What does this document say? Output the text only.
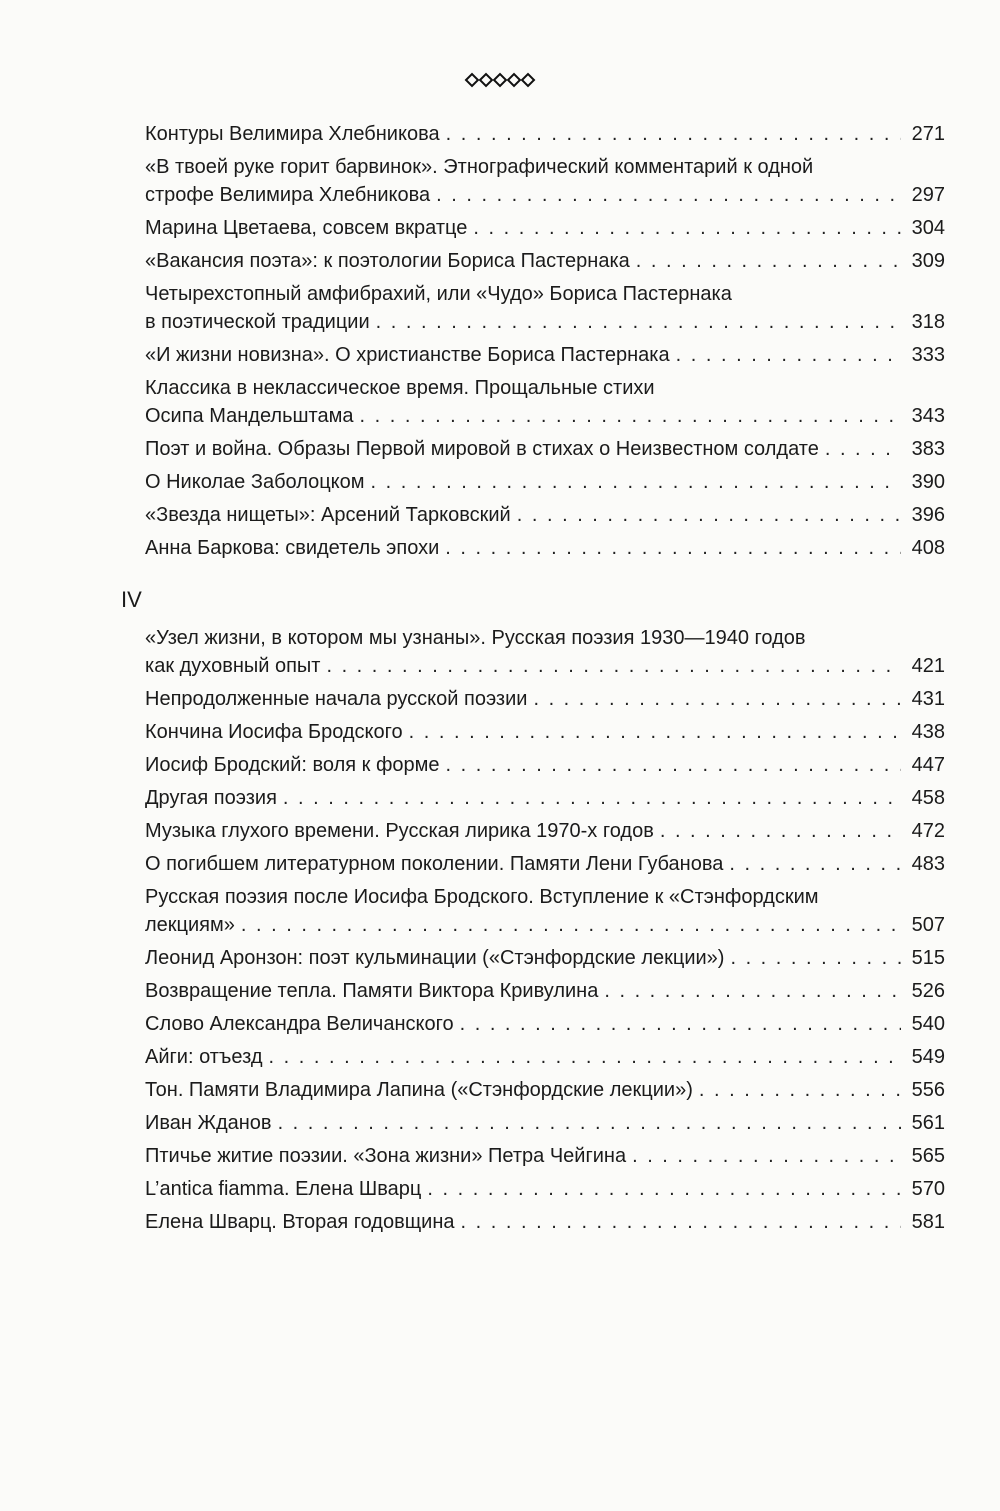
Контуры Велимира Хлебникова . . .	271
«В твоей руке горит барвинок». Этнографический комментарий к одной
строфе Велимира Хлебникова . . .	297
Марина Цветаева, совсем вкратце . . .	304
«Вакансия поэта»: к поэтологии Бориса Пастернака . . .	309
Четырехстопный амфибрахий, или «Чудо» Бориса Пастернака
в поэтической традиции . . .	318
«И жизни новизна». О христианстве Бориса Пастернака . . .	333
Классика в неклассическое время. Прощальные стихи
Осипа Мандельштама . . .	343
Поэт и война. Образы Первой мировой в стихах о Неизвестном солдате . . .	383
О Николае Заболоцком . . .	390
«Звезда нищеты»: Арсений Тарковский . . .	396
Анна Баркова: свидетель эпохи . . .	408
IV
«Узел жизни, в котором мы узнаны». Русская поэзия 1930—1940 годов
как духовный опыт . . .	421
Непродолженные начала русской поэзии . . .	431
Кончина Иосифа Бродского . . .	438
Иосиф Бродский: воля к форме . . .	447
Другая поэзия . . .	458
Музыка глухого времени. Русская лирика 1970-х годов . . .	472
О погибшем литературном поколении. Памяти Лени Губанова . . .	483
Русская поэзия после Иосифа Бродского. Вступление к «Стэнфордским
лекциям» . . .	507
Леонид Аронзон: поэт кульминации («Стэнфордские лекции») . . .	515
Возвращение тепла. Памяти Виктора Кривулина . . .	526
Слово Александра Величанского . . .	540
Айги: отъезд . . .	549
Тон. Памяти Владимира Лапина («Стэнфордские лекции») . . .	556
Иван Жданов . . .	561
Птичье житие поэзии. «Зона жизни» Петра Чейгина . . .	565
L’antica fiamma. Елена Шварц . . .	570
Елена Шварц. Вторая годовщина . . .	581
